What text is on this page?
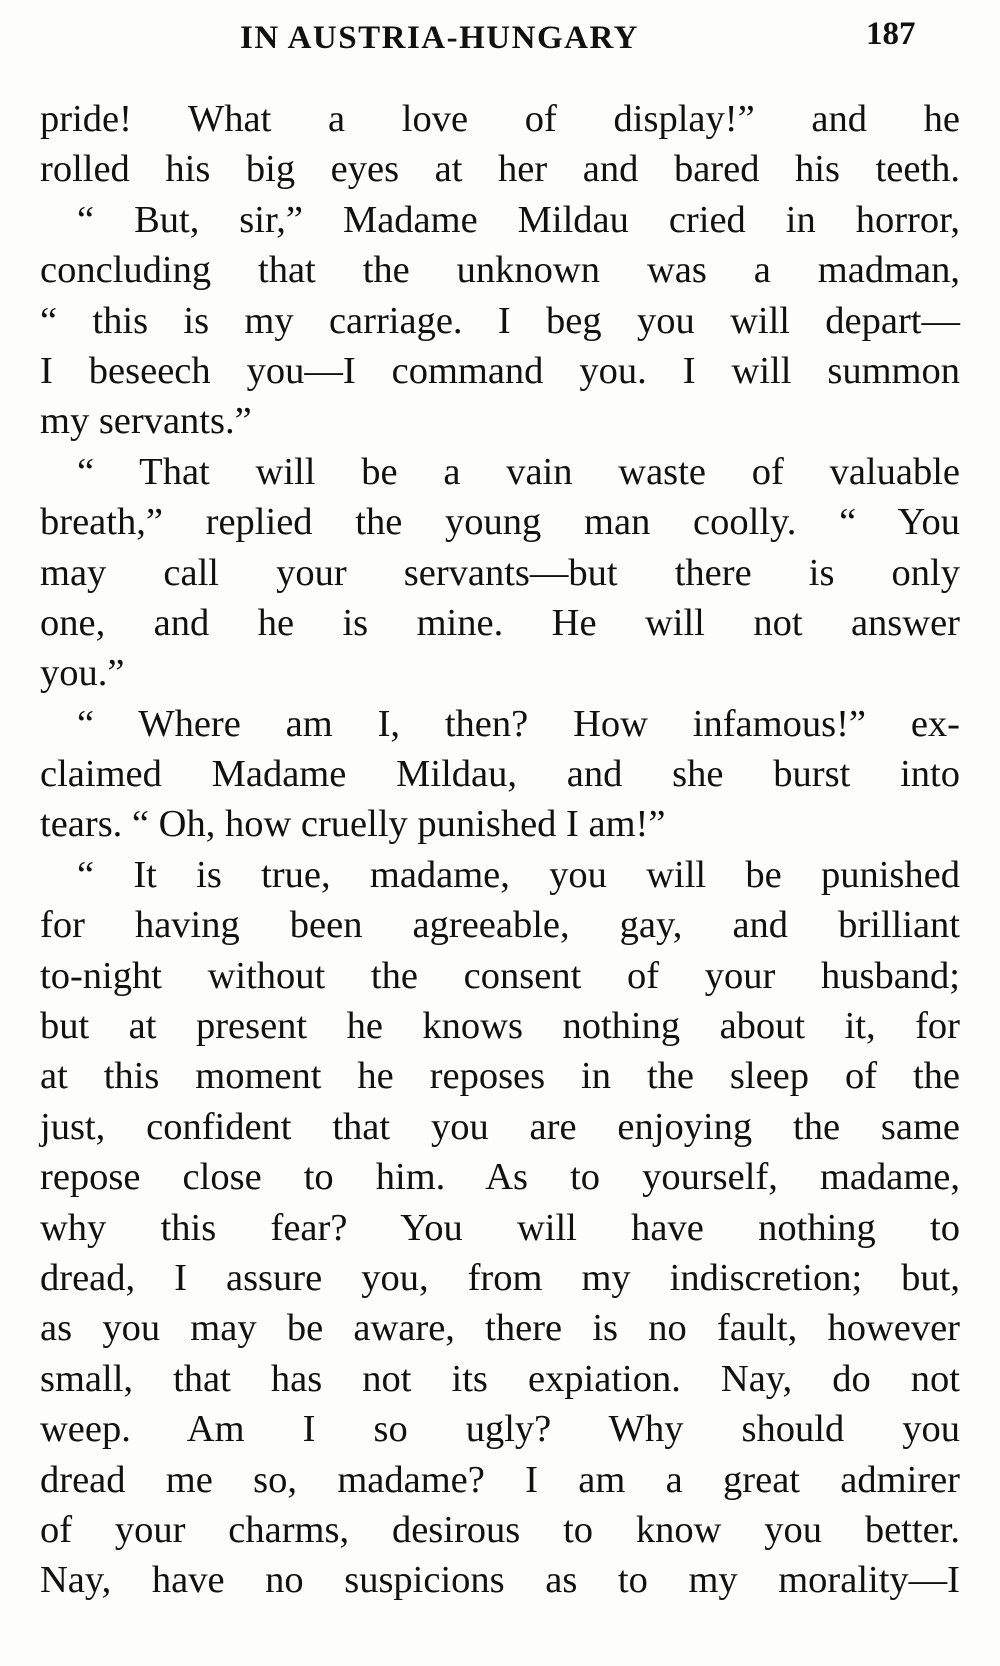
IN AUSTRIA-HUNGARY	187
pride! What a love of display!” and he
rolled his big eyes at her and bared his teeth.
“ But, sir,” Madame Mildau cried in horror,
concluding that the unknown was a madman,
“ this is my carriage. I beg you will depart—
I beseech you—I command you. I will summon
my servants.”
“ That will be a vain waste of valuable
breath,” replied the young man coolly. “ You
may call your servants—but there is only
one, and he is mine. He will not answer
you.”
“ Where am I, then? How infamous!” ex-
claimed Madame Mildau, and she burst into
tears. “ Oh, how cruelly punished I am!”
“ It is true, madame, you will be punished
for having been agreeable, gay, and brilliant
to-night without the consent of your husband;
but at present he knows nothing about it, for
at this moment he reposes in the sleep of the
just, confident that you are enjoying the same
repose close to him. As to yourself, madame,
why this fear? You will have nothing to
dread, I assure you, from my indiscretion; but,
as you may be aware, there is no fault, however
small, that has not its expiation. Nay, do not
weep. Am I so ugly? Why should you
dread me so, madame? I am a great admirer
of your charms, desirous to know you better.
Nay, have no suspicions as to my morality—I
